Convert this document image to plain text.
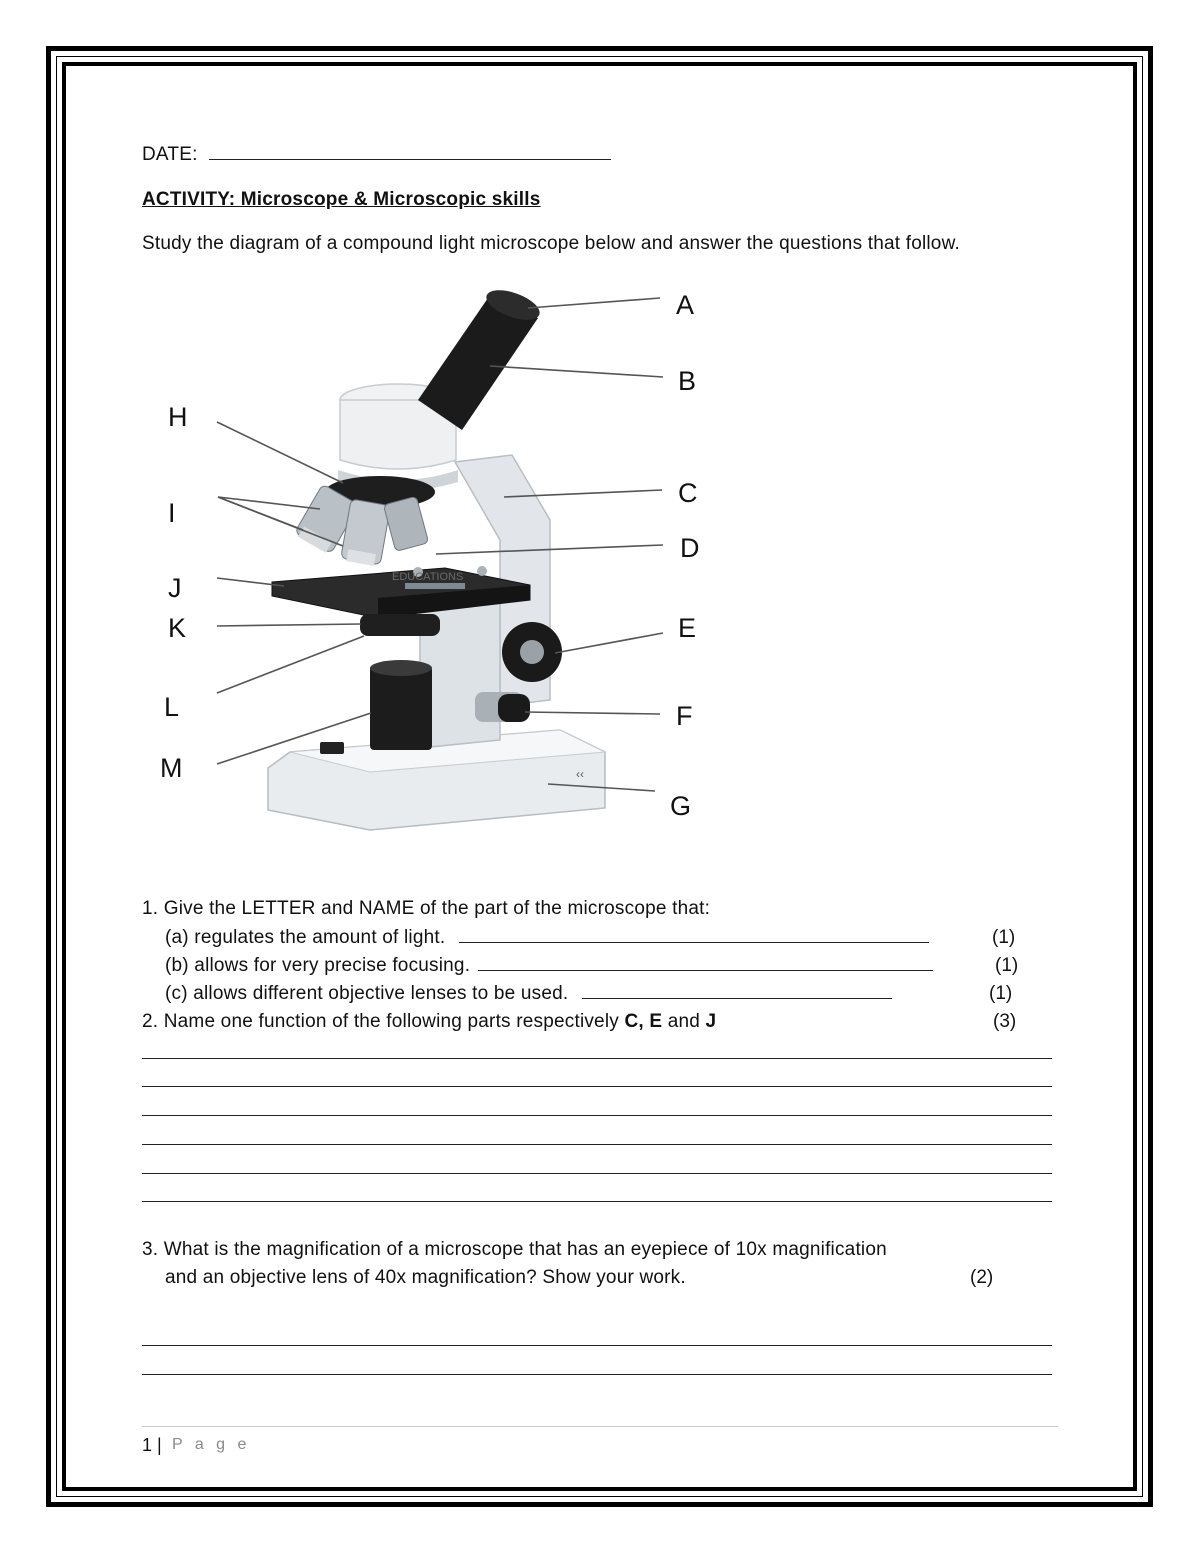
DATE:
ACTIVITY: Microscope & Microscopic skills
Study the diagram of a compound light microscope below and answer the questions that follow.
‹‹
EDUCATIONS
A
B
C
D
E
F
G
H
I
J
K
L
M
1. Give the LETTER and NAME of the part of the microscope that:
(a) regulates the amount of light.	(1)
(b) allows for very precise focusing.	(1)
(c) allows different objective lenses to be used.	(1)
2. Name one function of the following parts respectively C, E and J	(3)
3. What is the magnification of a microscope that has an eyepiece of 10x magnification
and an objective lens of 40x magnification? Show your work.	(2)
1 | P a g e
